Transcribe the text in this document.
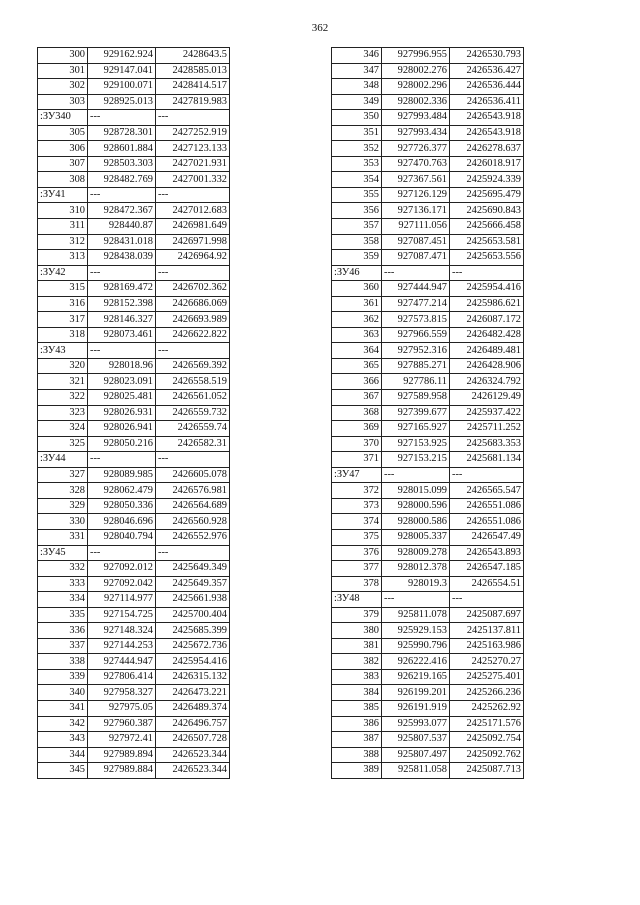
362
300	929162.924	2428643.5
301	929147.041	2428585.013
302	929100.071	2428414.517
303	928925.013	2427819.983
:ЗУ340	---	---
305	928728.301	2427252.919
306	928601.884	2427123.133
307	928503.303	2427021.931
308	928482.769	2427001.332
:ЗУ41	---	---
310	928472.367	2427012.683
311	928440.87	2426981.649
312	928431.018	2426971.998
313	928438.039	2426964.92
:ЗУ42	---	---
315	928169.472	2426702.362
316	928152.398	2426686.069
317	928146.327	2426693.989
318	928073.461	2426622.822
:ЗУ43	---	---
320	928018.96	2426569.392
321	928023.091	2426558.519
322	928025.481	2426561.052
323	928026.931	2426559.732
324	928026.941	2426559.74
325	928050.216	2426582.31
:ЗУ44	---	---
327	928089.985	2426605.078
328	928062.479	2426576.981
329	928050.336	2426564.689
330	928046.696	2426560.928
331	928040.794	2426552.976
:ЗУ45	---	---
332	927092.012	2425649.349
333	927092.042	2425649.357
334	927114.977	2425661.938
335	927154.725	2425700.404
336	927148.324	2425685.399
337	927144.253	2425672.736
338	927444.947	2425954.416
339	927806.414	2426315.132
340	927958.327	2426473.221
341	927975.05	2426489.374
342	927960.387	2426496.757
343	927972.41	2426507.728
344	927989.894	2426523.344
345	927989.884	2426523.344
346	927996.955	2426530.793
347	928002.276	2426536.427
348	928002.296	2426536.444
349	928002.336	2426536.411
350	927993.484	2426543.918
351	927993.434	2426543.918
352	927726.377	2426278.637
353	927470.763	2426018.917
354	927367.561	2425924.339
355	927126.129	2425695.479
356	927136.171	2425690.843
357	927111.056	2425666.458
358	927087.451	2425653.581
359	927087.471	2425653.556
:ЗУ46	---	---
360	927444.947	2425954.416
361	927477.214	2425986.621
362	927573.815	2426087.172
363	927966.559	2426482.428
364	927952.316	2426489.481
365	927885.271	2426428.906
366	927786.11	2426324.792
367	927589.958	2426129.49
368	927399.677	2425937.422
369	927165.927	2425711.252
370	927153.925	2425683.353
371	927153.215	2425681.134
:ЗУ47	---	---
372	928015.099	2426565.547
373	928000.596	2426551.086
374	928000.586	2426551.086
375	928005.337	2426547.49
376	928009.278	2426543.893
377	928012.378	2426547.185
378	928019.3	2426554.51
:ЗУ48	---	---
379	925811.078	2425087.697
380	925929.153	2425137.811
381	925990.796	2425163.986
382	926222.416	2425270.27
383	926219.165	2425275.401
384	926199.201	2425266.236
385	926191.919	2425262.92
386	925993.077	2425171.576
387	925807.537	2425092.754
388	925807.497	2425092.762
389	925811.058	2425087.713
